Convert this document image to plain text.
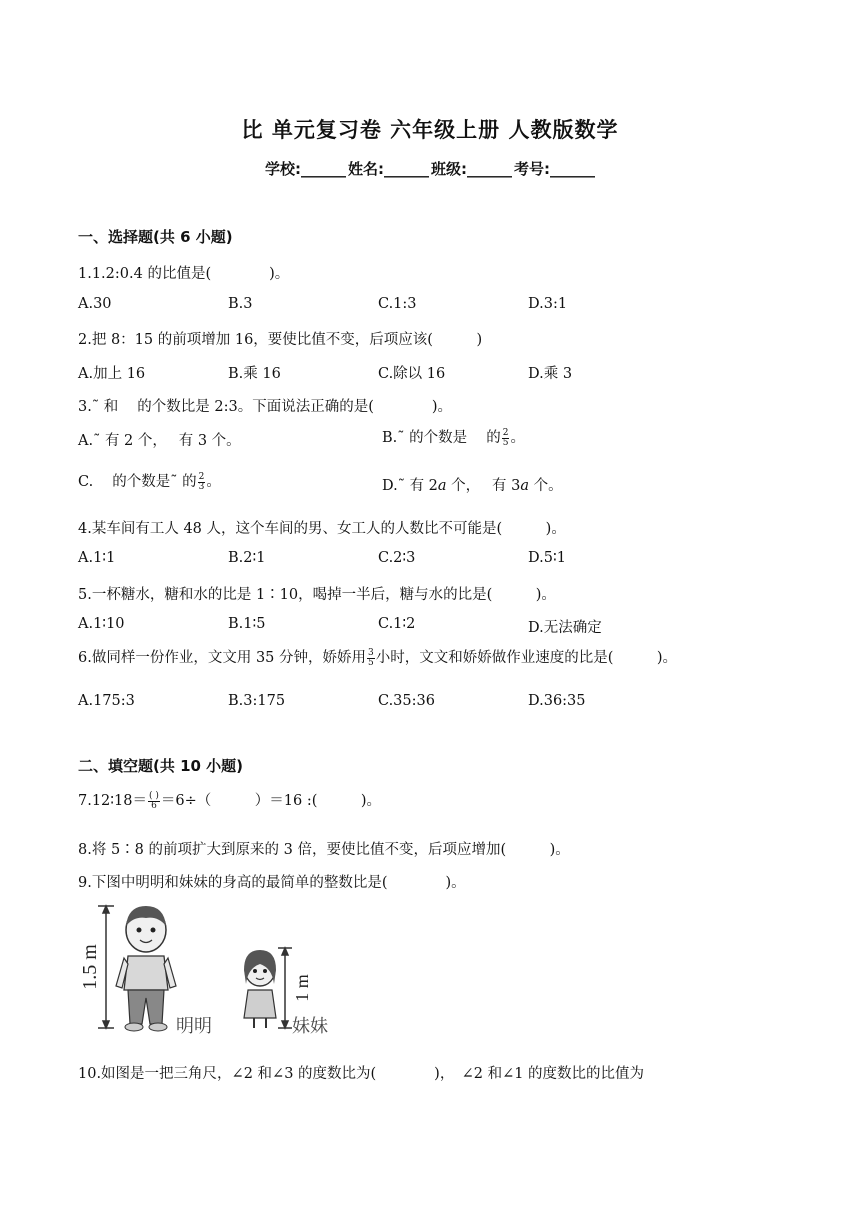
比 单元复习卷 六年级上册 人教版数学
学校:______ 姓名:______ 班级:______ 考号:______
一、选择题(共 6 小题)
1.1.2:0.4 的比值是(　　　　)。
A.30	B.3	C.1:3	D.3:1
2.把 8：15 的前项增加 16，要使比值不变，后项应该(　　　)
A.加上 16	B.乘 16	C.除以 16	D.乘 3
3.˜ 和 　的个数比是 2:3。下面说法正确的是(　　　　)。
A.˜ 有 2 个，　 有 3 个。	B.˜ 的个数是 　的 $\frac{2}{5}$ 。
C. 　的个数是˜ 的 $\frac{2}{3}$ 。	D.˜ 有 2𝑎 个，　 有 3𝑎 个。
4.某车间有工人 48 人，这个车间的男、女工人的人数比不可能是(　　　)。
A.1∶1	B.2∶1	C.2∶3	D.5∶1
5.一杯糖水，糖和水的比是 1∶10，喝掉一半后，糖与水的比是(　　　)。
A.1∶10	B.1∶5	C.1∶2	D.无法确定
6.做同样一份作业，文文用 35 分钟，娇娇用 $\frac{3}{5}$ 小时，文文和娇娇做作业速度的比是(　　　)。
A.175:3	B.3:175	C.35:36	D.36:35
二、填空题(共 10 小题)
7.12∶18＝ $\frac{( )}{6} =6\div$（　　　）＝16 :(　　　)。
8.将 5∶8 的前项扩大到原来的 3 倍，要使比值不变，后项应增加(　　　)。
9.下图中明明和妹妹的身高的最简单的整数比是(　　　　)。
1.5 m
明明
1 m
妹妹
10.如图是一把三角尺，∠2 和∠3 的度数比为(　　　　)，　∠2 和∠1 的度数比的比值为
